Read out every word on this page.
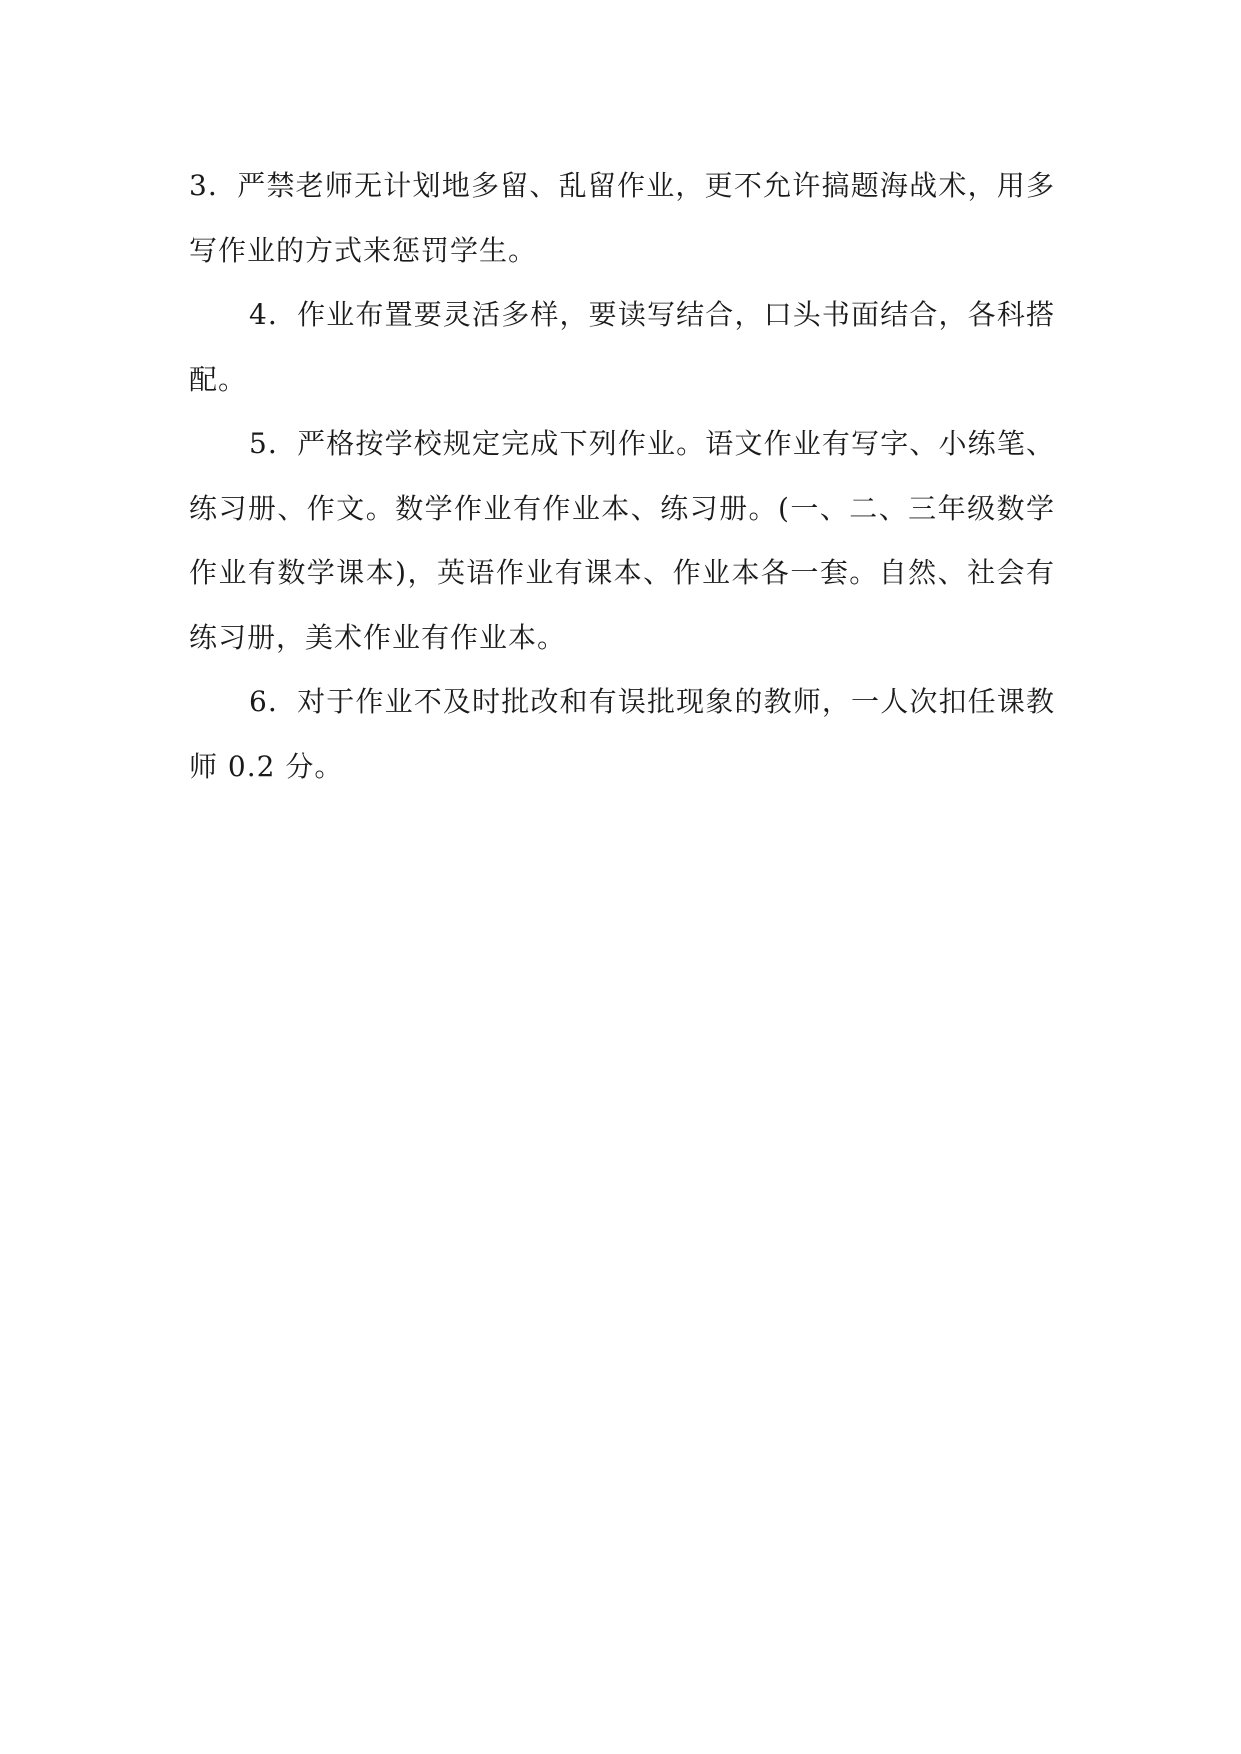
3．严禁老师无计划地多留、乱留作业，更不允许搞题海战术，用多写作业的方式来惩罚学生。

4．作业布置要灵活多样，要读写结合，口头书面结合，各科搭配。

5．严格按学校规定完成下列作业。语文作业有写字、小练笔、练习册、作文。数学作业有作业本、练习册。(一、二、三年级数学作业有数学课本)，英语作业有课本、作业本各一套。自然、社会有练习册，美术作业有作业本。

6．对于作业不及时批改和有误批现象的教师，一人次扣任课教师 0.2 分。
